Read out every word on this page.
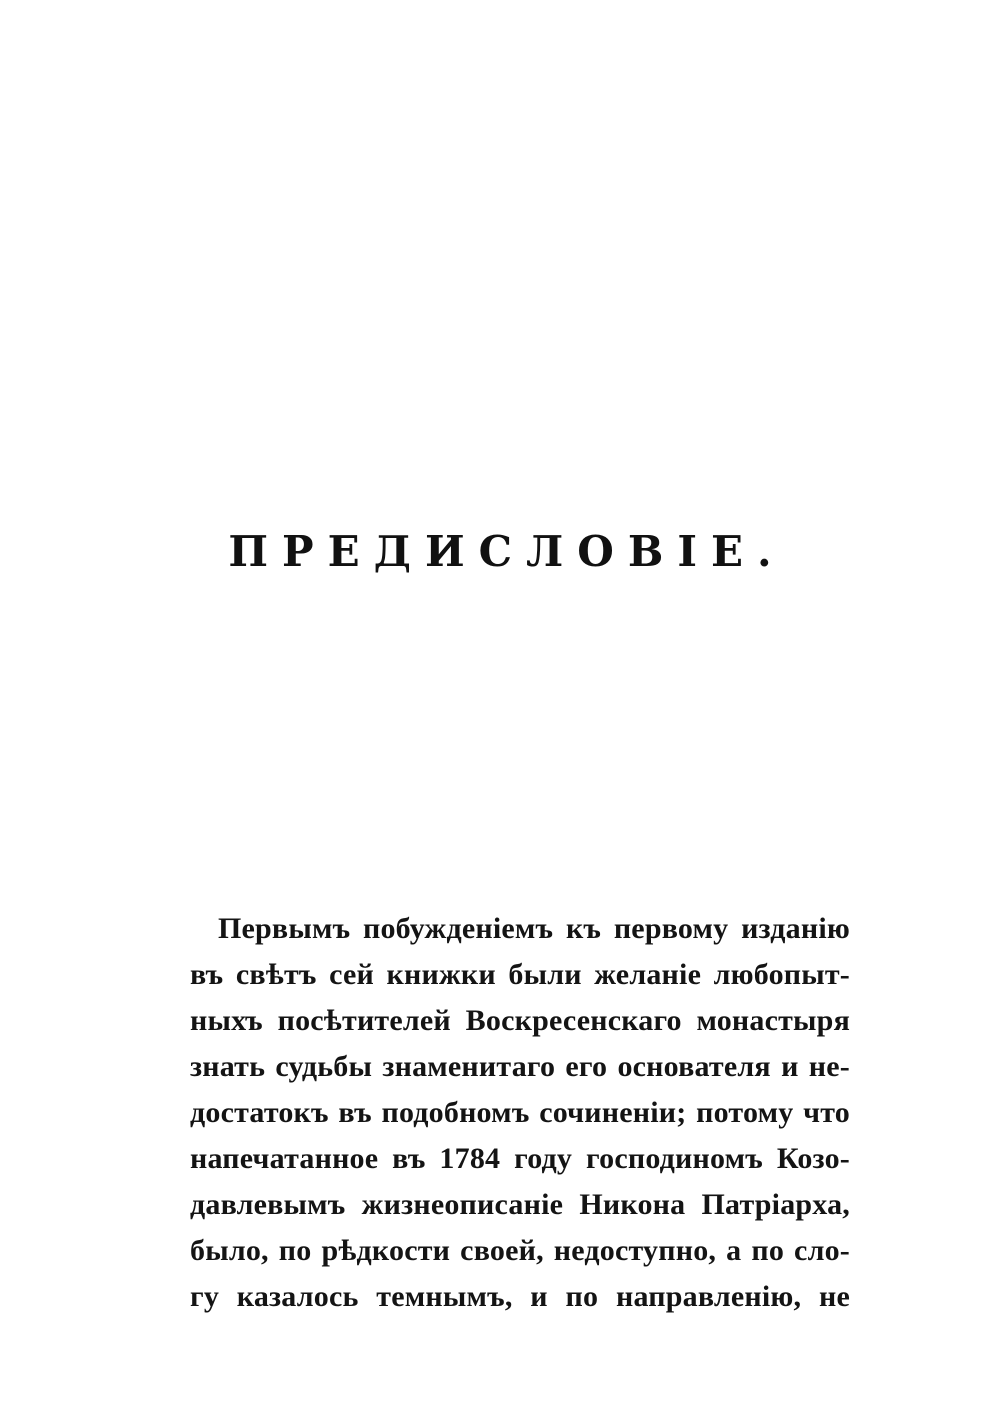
ПРЕДИСЛОВІЕ.
Первымъ побужденіемъ къ первому изданію
въ свѣтъ сей книжки были желаніе любопыт-
ныхъ посѣтителей Воскресенскаго монастыря
знать судьбы знаменитаго его основателя и не-
достатокъ въ подобномъ сочиненіи; потому что
напечатанное въ 1784 году господиномъ Козо-
давлевымъ жизнеописаніе Никона Патріарха,
было, по рѣдкости своей, недоступно, а по сло-
гу казалось темнымъ, и по направленію, не
